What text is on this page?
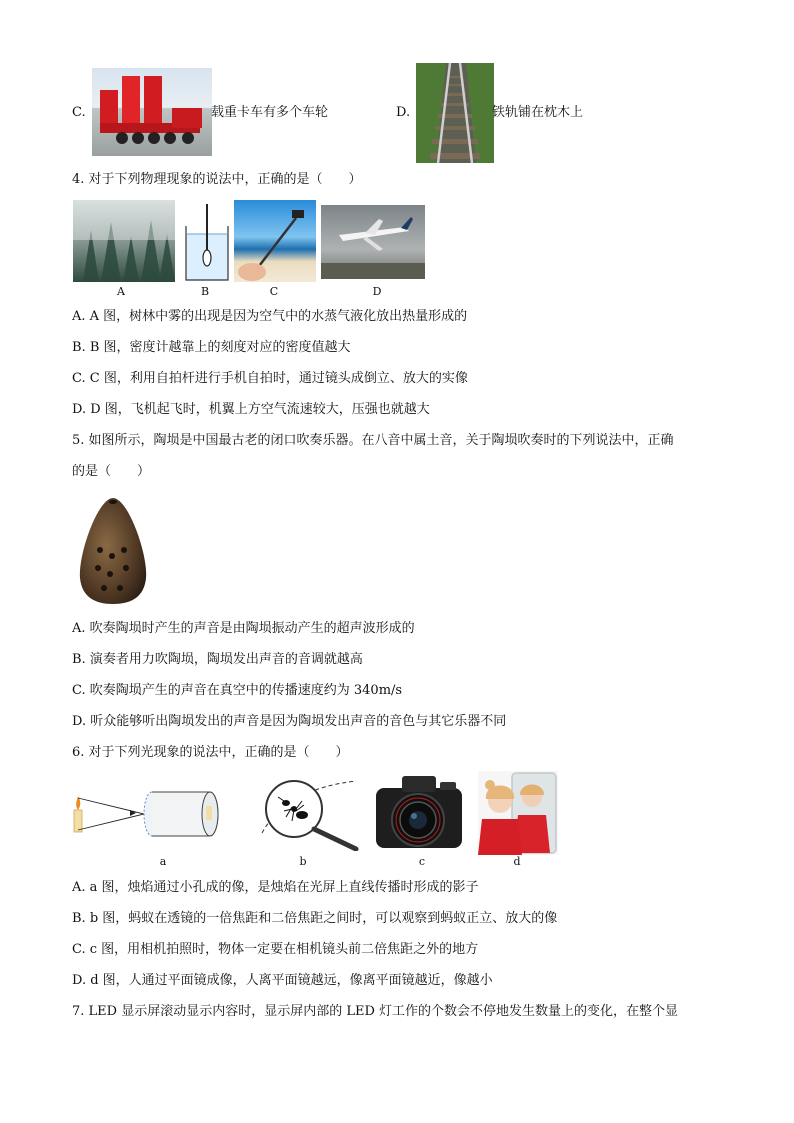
C.	载重卡车有多个车轮	D.	铁轨铺在枕木上
4. 对于下列物理现象的说法中，正确的是（　　）
A	B	C	D
A. A 图，树林中雾的出现是因为空气中的水蒸气液化放出热量形成的
B. B 图，密度计越靠上的刻度对应的密度值越大
C. C 图，利用自拍杆进行手机自拍时，通过镜头成倒立、放大的实像
D. D 图，飞机起飞时，机翼上方空气流速较大，压强也就越大
5. 如图所示，陶埙是中国最古老的闭口吹奏乐器。在八音中属土音，关于陶埙吹奏时的下列说法中，正确
的是（　　）
A. 吹奏陶埙时产生的声音是由陶埙振动产生的超声波形成的
B. 演奏者用力吹陶埙，陶埙发出声音的音调就越高
C. 吹奏陶埙产生的声音在真空中的传播速度约为 340m/s
D. 听众能够听出陶埙发出的声音是因为陶埙发出声音的音色与其它乐器不同
6. 对于下列光现象的说法中，正确的是（　　）
a	b	c	d
A. a 图，烛焰通过小孔成的像，是烛焰在光屏上直线传播时形成的影子
B. b 图，蚂蚁在透镜的一倍焦距和二倍焦距之间时，可以观察到蚂蚁正立、放大的像
C. c 图，用相机拍照时，物体一定要在相机镜头前二倍焦距之外的地方
D. d 图，人通过平面镜成像，人离平面镜越远，像离平面镜越近，像越小
7. LED 显示屏滚动显示内容时，显示屏内部的 LED 灯工作的个数会不停地发生数量上的变化，在整个显
